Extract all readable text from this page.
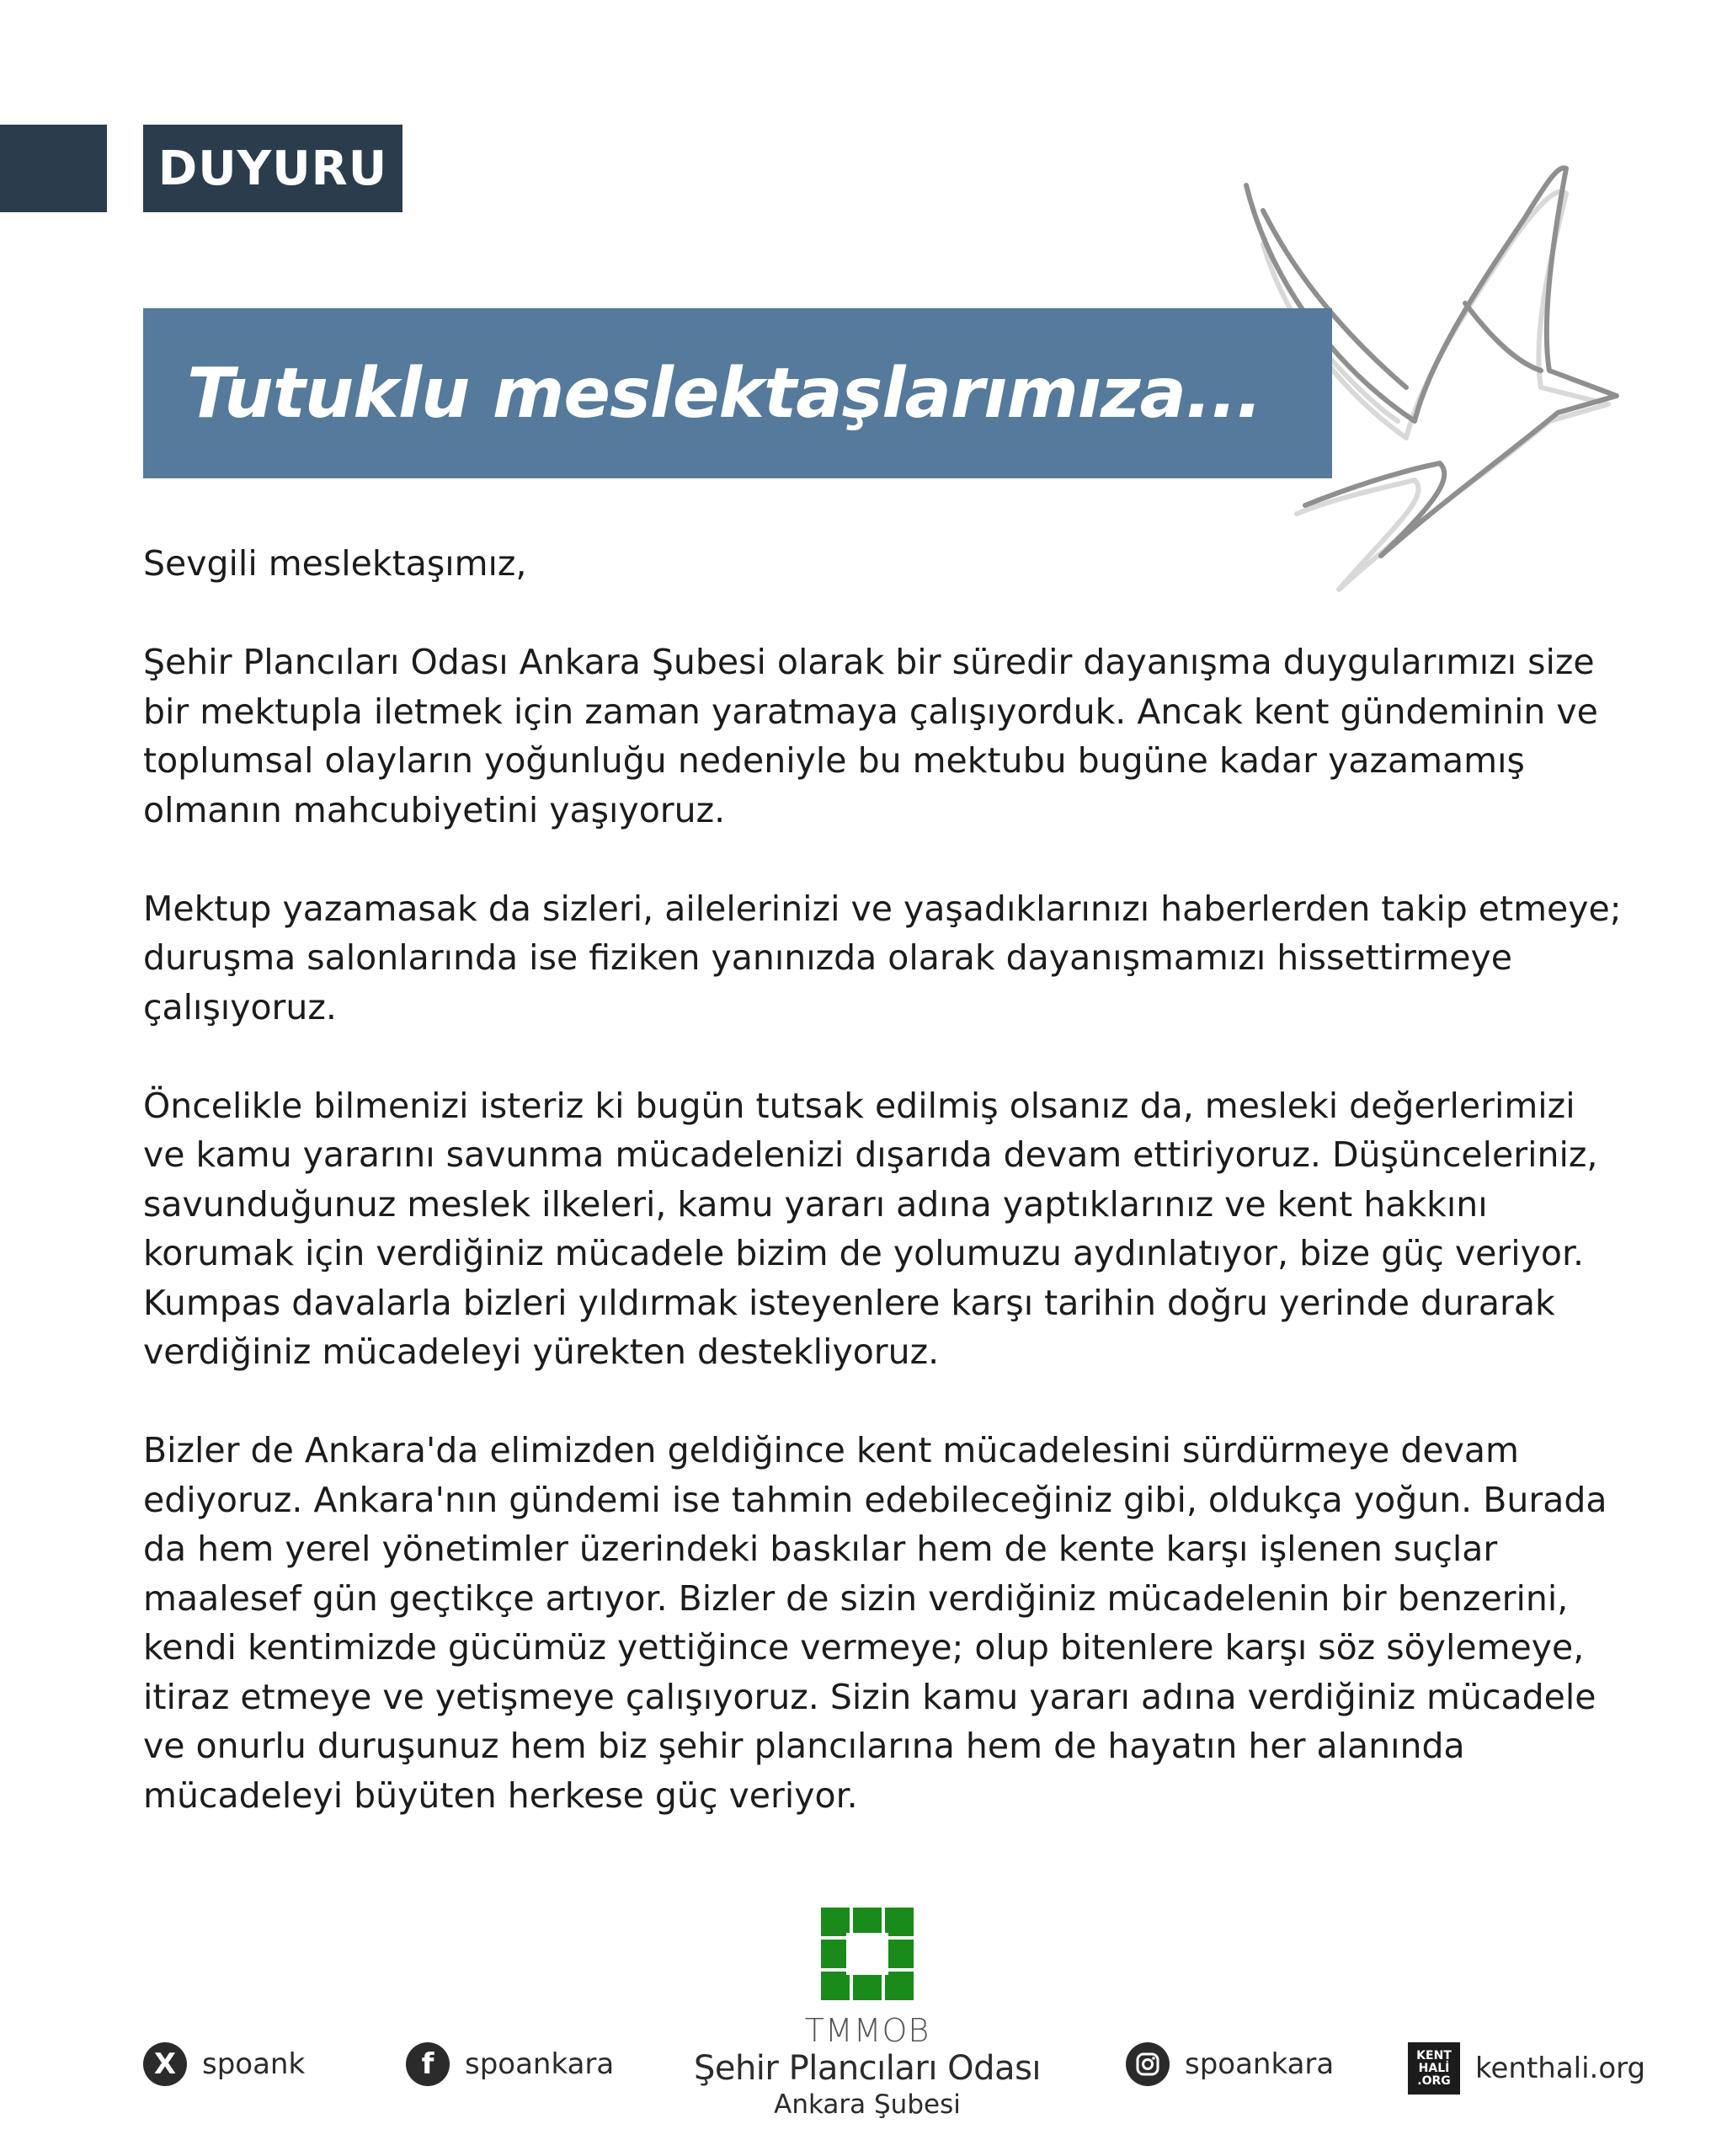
DUYURU
Tutuklu meslektaşlarımıza...

Sevgili meslektaşımız,

Şehir Plancıları Odası Ankara Şubesi olarak bir süredir dayanışma duygularımızı size bir mektupla iletmek için zaman yaratmaya çalışıyorduk. Ancak kent gündeminin ve toplumsal olayların yoğunluğu nedeniyle bu mektubu bugüne kadar yazamamış olmanın mahcubiyetini yaşıyoruz.

Mektup yazamasak da sizleri, ailelerinizi ve yaşadıklarınızı haberlerden takip etmeye; duruşma salonlarında ise fiziken yanınızda olarak dayanışmamızı hissettirmeye çalışıyoruz.

Öncelikle bilmenizi isteriz ki bugün tutsak edilmiş olsanız da, mesleki değerlerimizi ve kamu yararını savunma mücadelenizi dışarıda devam ettiriyoruz. Düşünceleriniz, savunduğunuz meslek ilkeleri, kamu yararı adına yaptıklarınız ve kent hakkını korumak için verdiğiniz mücadele bizim de yolumuzu aydınlatıyor, bize güç veriyor. Kumpas davalarla bizleri yıldırmak isteyenlere karşı tarihin doğru yerinde durarak verdiğiniz mücadeleyi yürekten destekliyoruz.

Bizler de Ankara'da elimizden geldiğince kent mücadelesini sürdürmeye devam ediyoruz. Ankara'nın gündemi ise tahmin edebileceğiniz gibi, oldukça yoğun. Burada da hem yerel yönetimler üzerindeki baskılar hem de kente karşı işlenen suçlar maalesef gün geçtikçe artıyor. Bizler de sizin verdiğiniz mücadelenin bir benzerini, kendi kentimizde gücümüz yettiğince vermeye; olup bitenlere karşı söz söylemeye, itiraz etmeye ve yetişmeye çalışıyoruz. Sizin kamu yararı adına verdiğiniz mücadele ve onurlu duruşunuz hem biz şehir plancılarına hem de hayatın her alanında mücadeleyi büyüten herkese güç veriyor.

TMMOB
Şehir Plancıları Odası
Ankara Şubesi
X spoank	f	spoankara	spoankara	KENT HALİ .ORG kenthali.org
